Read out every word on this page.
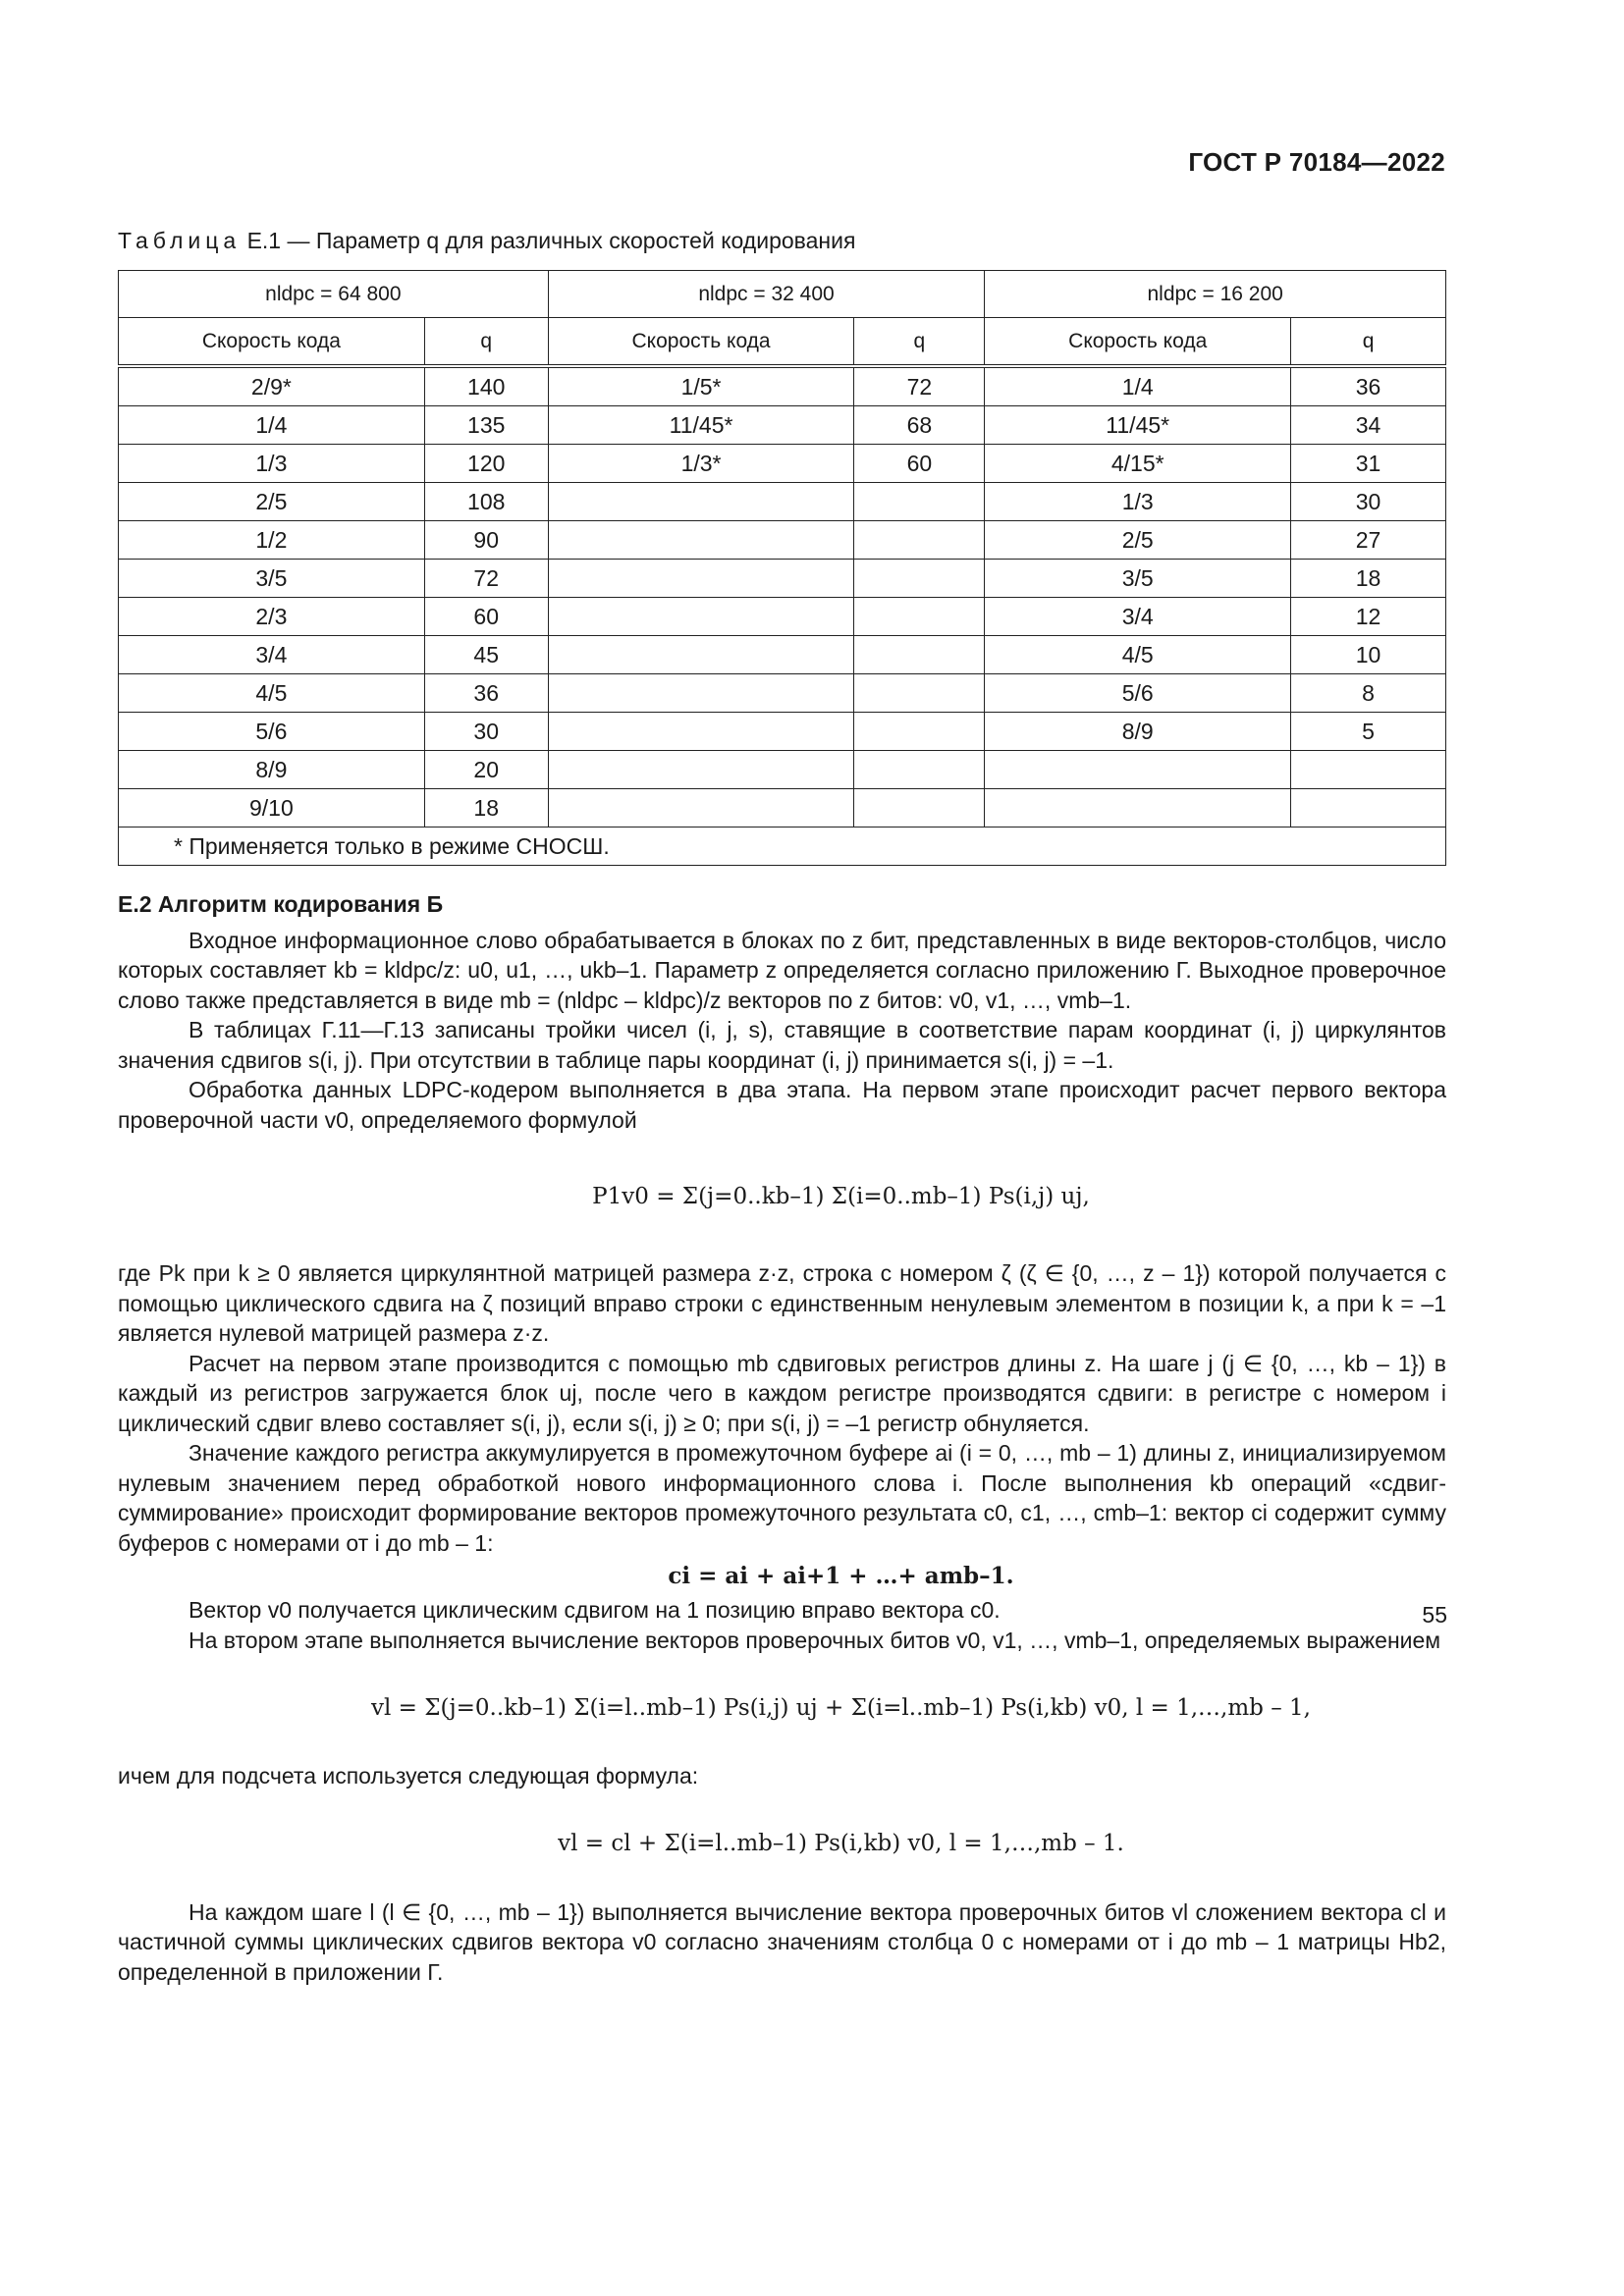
ГОСТ Р 70184—2022
Таблица Е.1 — Параметр q для различных скоростей кодирования
nldpc = 64 800		nldpc = 32 400		nldpc = 16 200	
Скорость кода	q	Скорость кода	q	Скорость кода	q
2/9*	140	1/5*	72	1/4	36
1/4	135	11/45*	68	11/45*	34
1/3	120	1/3*	60	4/15*	31
2/5	108			1/3	30
1/2	90			2/5	27
3/5	72			3/5	18
2/3	60			3/4	12
3/4	45			4/5	10
4/5	36			5/6	8
5/6	30			8/9	5
8/9	20				
9/10	18				
* Применяется только в режиме СНОСШ.					
Е.2 Алгоритм кодирования Б

Входное информационное слово обрабатывается в блоках по z бит, представленных в виде векторов-столбцов, число которых составляет kb = kldpc/z: u0, u1, …, ukb–1. Параметр z определяется согласно приложению Г. Выходное проверочное слово также представляется в виде mb = (nldpc – kldpc)/z векторов по z битов: v0, v1, …, vmb–1.

В таблицах Г.11—Г.13 записаны тройки чисел (i, j, s), ставящие в соответствие парам координат (i, j) циркулянтов значения сдвигов s(i, j). При отсутствии в таблице пары координат (i, j) принимается s(i, j) = –1.

Обработка данных LDPC-кодером выполняется в два этапа. На первом этапе происходит расчет первого вектора проверочной части v0, определяемого формулой

P1v0 = Σ(j=0..kb–1) Σ(i=0..mb–1) Ps(i,j) uj,

где Pk при k ≥ 0 является циркулянтной матрицей размера z·z, строка с номером ζ (ζ ∈ {0, …, z – 1}) которой получается с помощью циклического сдвига на ζ позиций вправо строки с единственным ненулевым элементом в позиции k, а при k = –1 является нулевой матрицей размера z·z.

Расчет на первом этапе производится с помощью mb сдвиговых регистров длины z. На шаге j (j ∈ {0, …, kb – 1}) в каждый из регистров загружается блок uj, после чего в каждом регистре производятся сдвиги: в регистре с номером i циклический сдвиг влево составляет s(i, j), если s(i, j) ≥ 0; при s(i, j) = –1 регистр обнуляется.

Значение каждого регистра аккумулируется в промежуточном буфере ai (i = 0, …, mb – 1) длины z, инициализируемом нулевым значением перед обработкой нового информационного слова i. После выполнения kb операций «сдвиг-суммирование» происходит формирование векторов промежуточного результата c0, c1, …, cmb–1: вектор ci содержит сумму буферов с номерами от i до mb – 1:

ci = ai + ai+1 + …+ amb–1.

Вектор v0 получается циклическим сдвигом на 1 позицию вправо вектора c0.

На втором этапе выполняется вычисление векторов проверочных битов v0, v1, …, vmb–1, определяемых выражением

vl = Σ(j=0..kb–1) Σ(i=l..mb–1) Ps(i,j) uj + Σ(i=l..mb–1) Ps(i,kb) v0, l = 1,…,mb – 1,

ичем для подсчета используется следующая формула:

vl = cl + Σ(i=l..mb–1) Ps(i,kb) v0, l = 1,…,mb – 1.

На каждом шаге l (l ∈ {0, …, mb – 1}) выполняется вычисление вектора проверочных битов vl сложением вектора cl и частичной суммы циклических сдвигов вектора v0 согласно значениям столбца 0 с номерами от i до mb – 1 матрицы Hb2, определенной в приложении Г.

55
